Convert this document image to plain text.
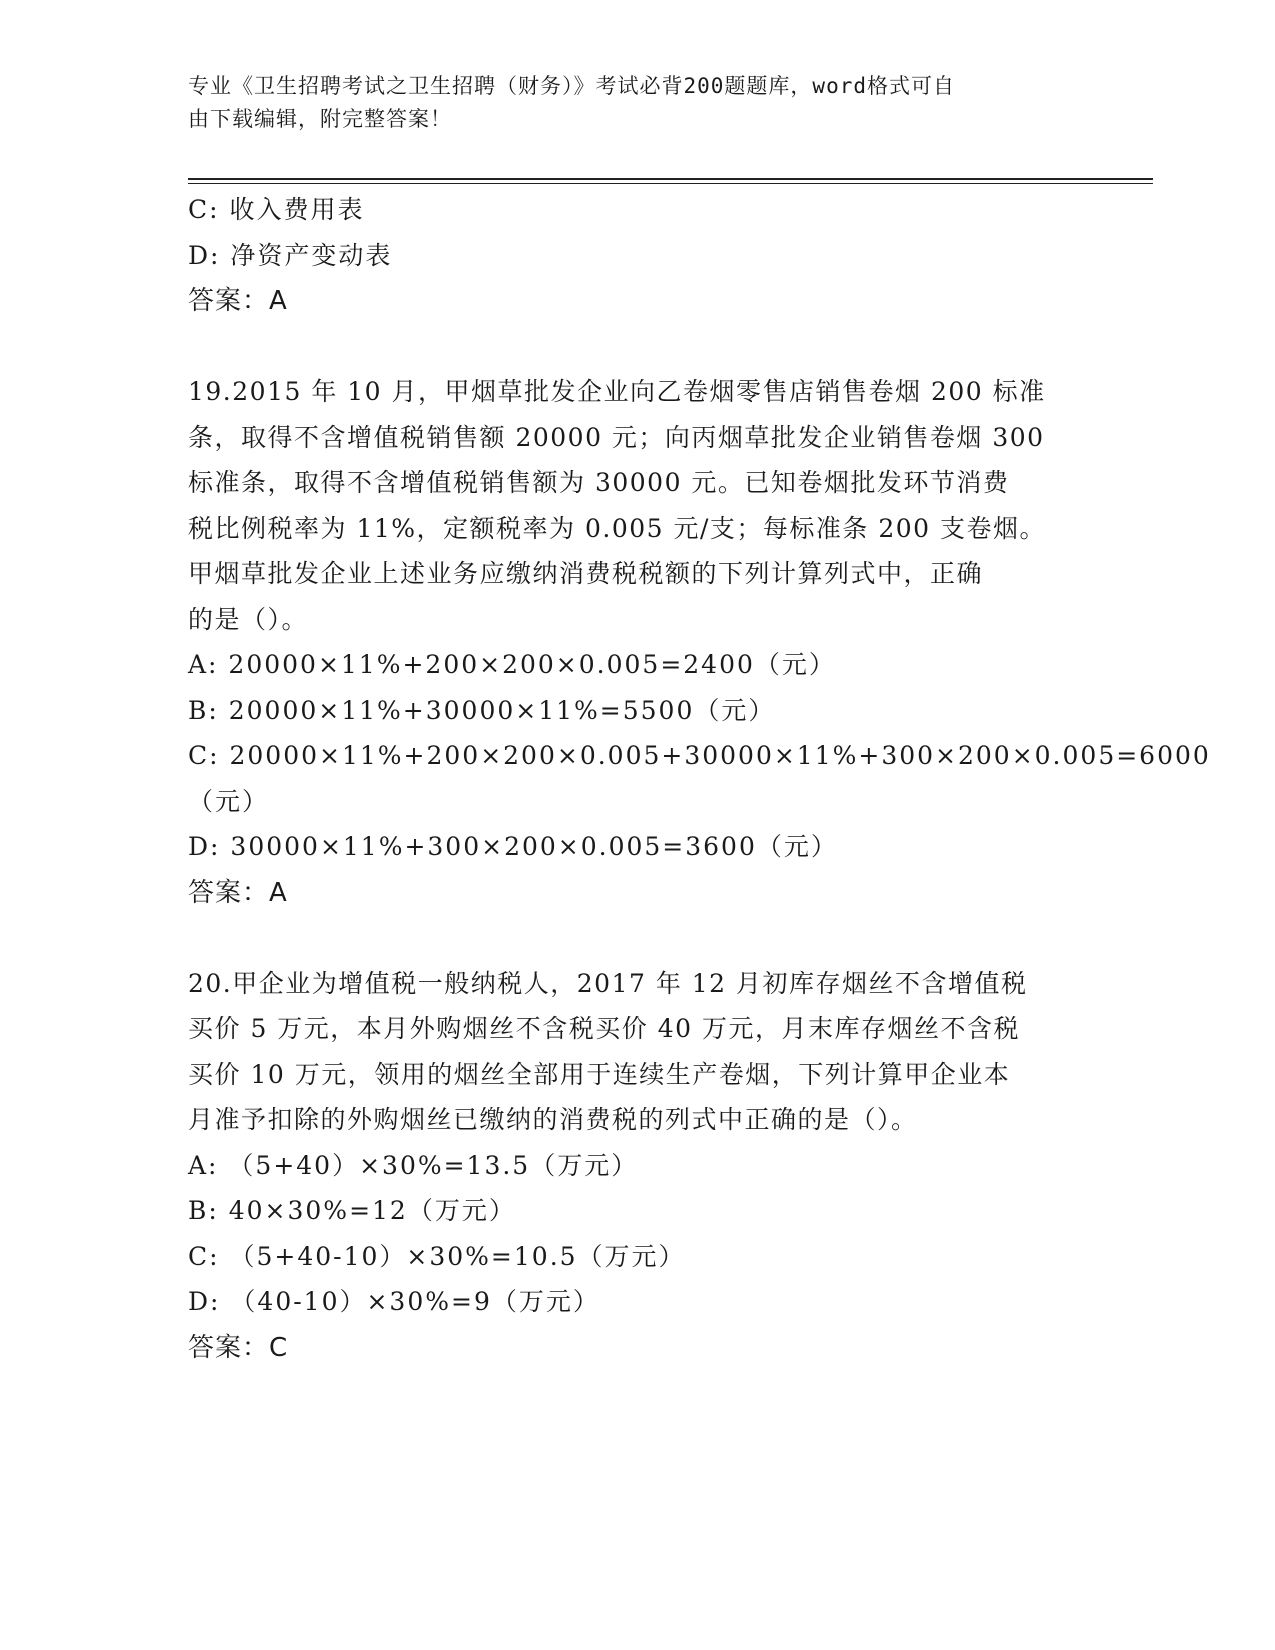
专业《卫生招聘考试之卫生招聘（财务）》考试必背200题题库，word格式可自
由下载编辑，附完整答案！
C: 收入费用表
D: 净资产变动表
答案：A
19.2015 年 10 月，甲烟草批发企业向乙卷烟零售店销售卷烟 200 标准
条，取得不含增值税销售额 20000 元；向丙烟草批发企业销售卷烟 300
标准条，取得不含增值税销售额为 30000 元。已知卷烟批发环节消费
税比例税率为 11%，定额税率为 0.005 元/支；每标准条 200 支卷烟。
甲烟草批发企业上述业务应缴纳消费税税额的下列计算列式中，正确
的是（）。
A: 20000×11%+200×200×0.005=2400（元）
B: 20000×11%+30000×11%=5500（元）
C: 20000×11%+200×200×0.005+30000×11%+300×200×0.005=6000
（元）
D: 30000×11%+300×200×0.005=3600（元）
答案：A
20.甲企业为增值税一般纳税人，2017 年 12 月初库存烟丝不含增值税
买价 5 万元，本月外购烟丝不含税买价 40 万元，月末库存烟丝不含税
买价 10 万元，领用的烟丝全部用于连续生产卷烟，下列计算甲企业本
月准予扣除的外购烟丝已缴纳的消费税的列式中正确的是（）。
A: （5+40）×30%=13.5（万元）
B: 40×30%=12（万元）
C: （5+40-10）×30%=10.5（万元）
D: （40-10）×30%=9（万元）
答案：C
